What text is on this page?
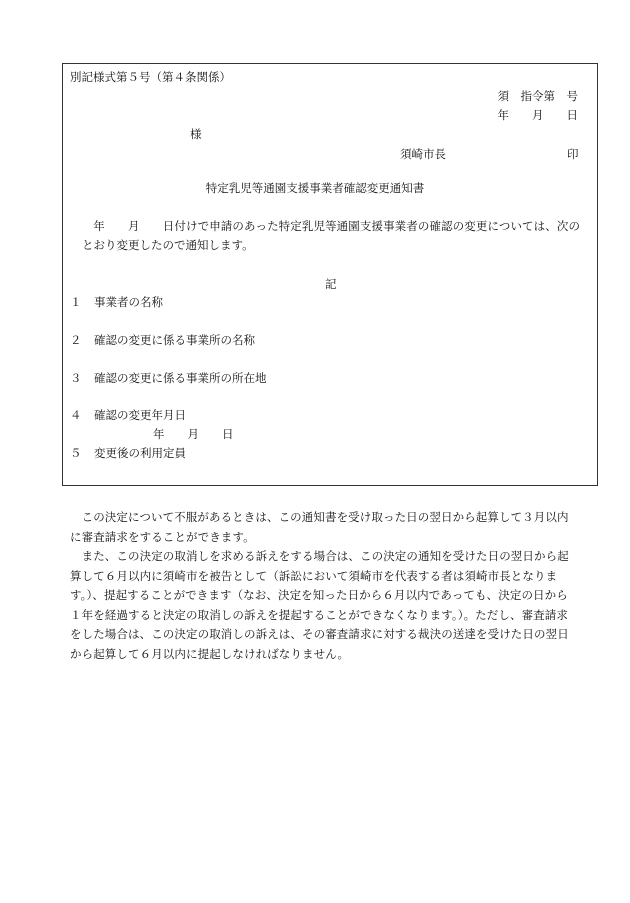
別記様式第５号（第４条関係）
須　指令第　号
年　　月　　日
様
須崎市長	印
特定乳児等通園支援事業者確認変更通知書
　　年　　月　　日付けで申請のあった特定乳児等通園支援事業者の確認の変更については、次の
とおり変更したので通知します。
記
１ 事業者の名称
２ 確認の変更に係る事業所の名称
３ 確認の変更に係る事業所の所在地
４ 確認の変更年月日
年　　月　　日
５ 変更後の利用定員

　この決定について不服があるときは、この通知書を受け取った日の翌日から起算して３月以内に審査請求をすることができます。

　また、この決定の取消しを求める訴えをする場合は、この決定の通知を受けた日の翌日から起算して６月以内に須崎市を被告として（訴訟において須崎市を代表する者は須崎市長となります。）、提起することができます（なお、決定を知った日から６月以内であっても、決定の日から１年を経過すると決定の取消しの訴えを提起することができなくなります。）。ただし、審査請求をした場合は、この決定の取消しの訴えは、その審査請求に対する裁決の送達を受けた日の翌日から起算して６月以内に提起しなければなりません。
